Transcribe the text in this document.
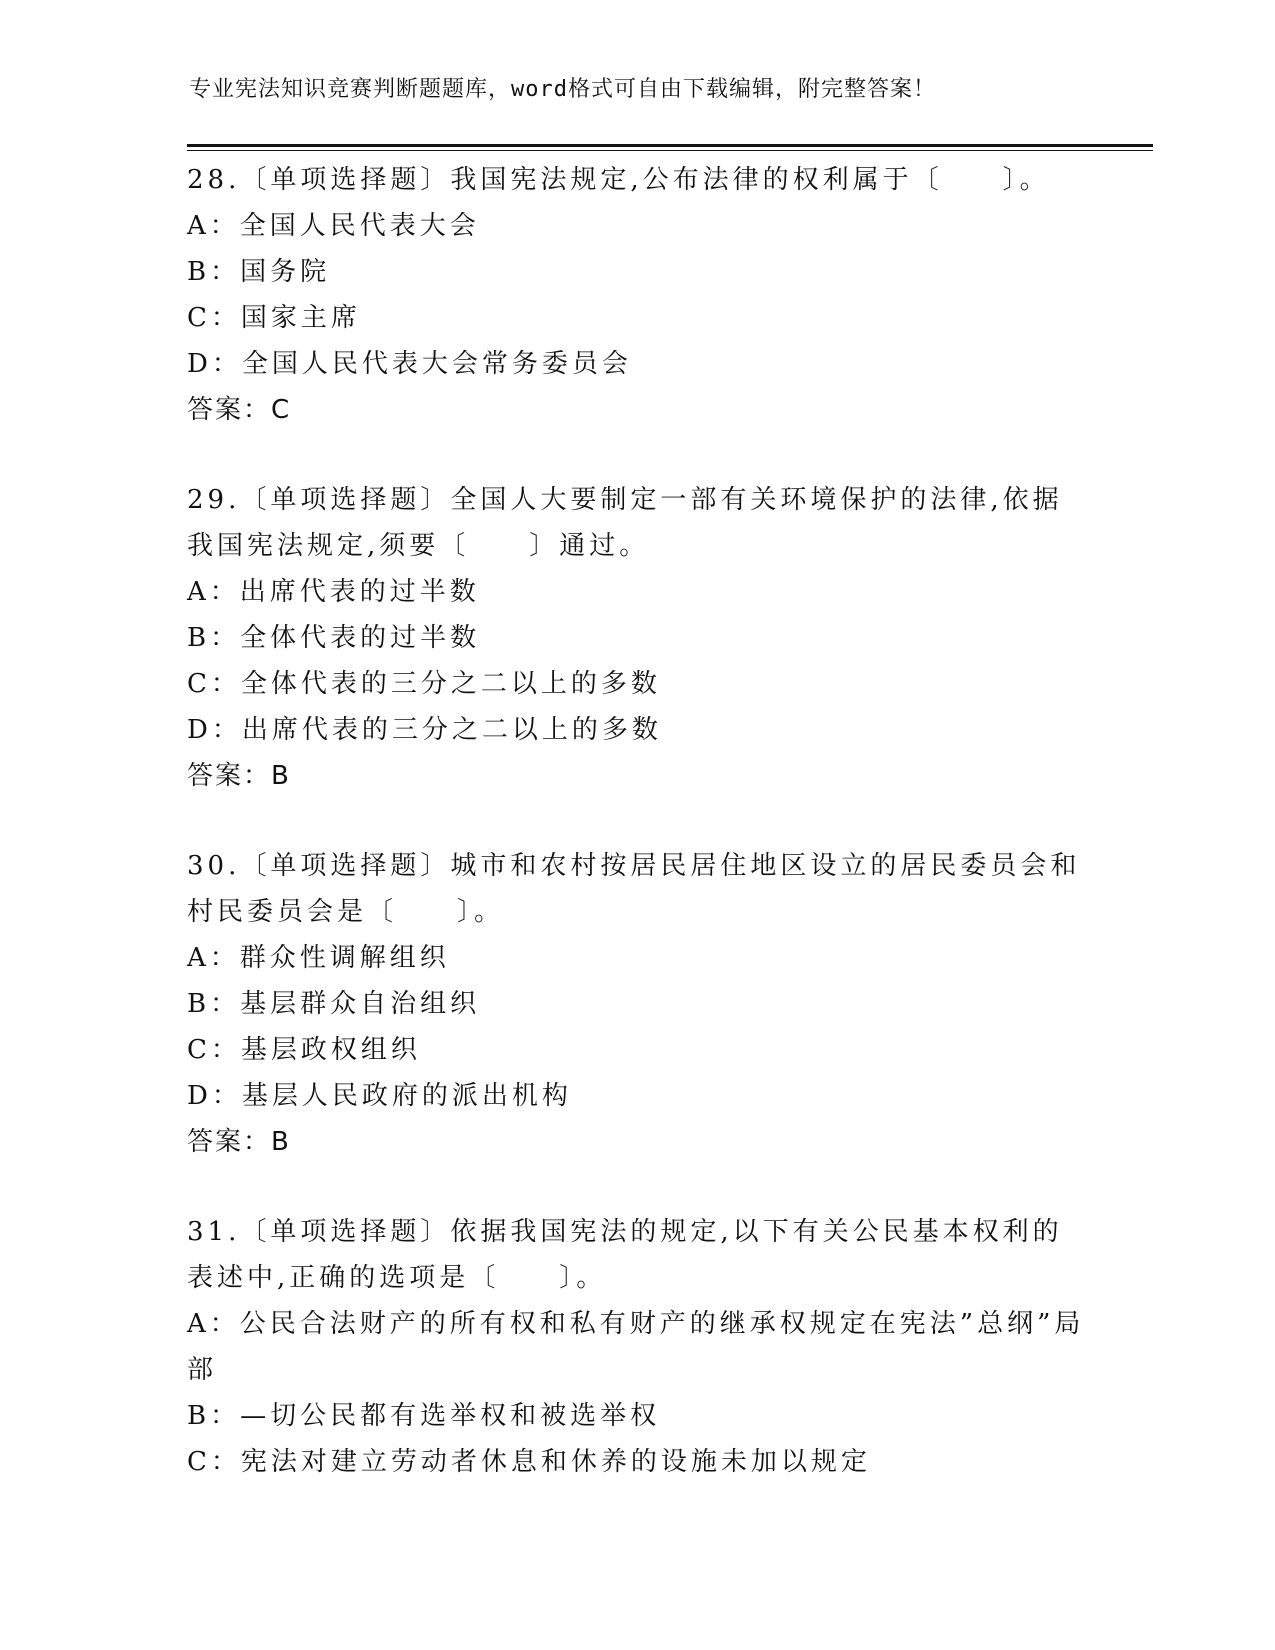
专业宪法知识竞赛判断题题库，word格式可自由下载编辑，附完整答案！
28.〔单项选择题〕我国宪法规定,公布法律的权利属于〔　　〕。
A：全国人民代表大会
B：国务院
C：国家主席
D：全国人民代表大会常务委员会
答案：C
29.〔单项选择题〕全国人大要制定一部有关环境保护的法律,依据我国宪法规定,须要〔　　〕通过。
A：出席代表的过半数
B：全体代表的过半数
C：全体代表的三分之二以上的多数
D：出席代表的三分之二以上的多数
答案：B
30.〔单项选择题〕城市和农村按居民居住地区设立的居民委员会和村民委员会是〔　　〕。
A：群众性调解组织
B：基层群众自治组织
C：基层政权组织
D：基层人民政府的派出机构
答案：B
31.〔单项选择题〕依据我国宪法的规定,以下有关公民基本权利的表述中,正确的选项是〔　　〕。
A：公民合法财产的所有权和私有财产的继承权规定在宪法”总纲”局部
B：—切公民都有选举权和被选举权
C：宪法对建立劳动者休息和休养的设施未加以规定
